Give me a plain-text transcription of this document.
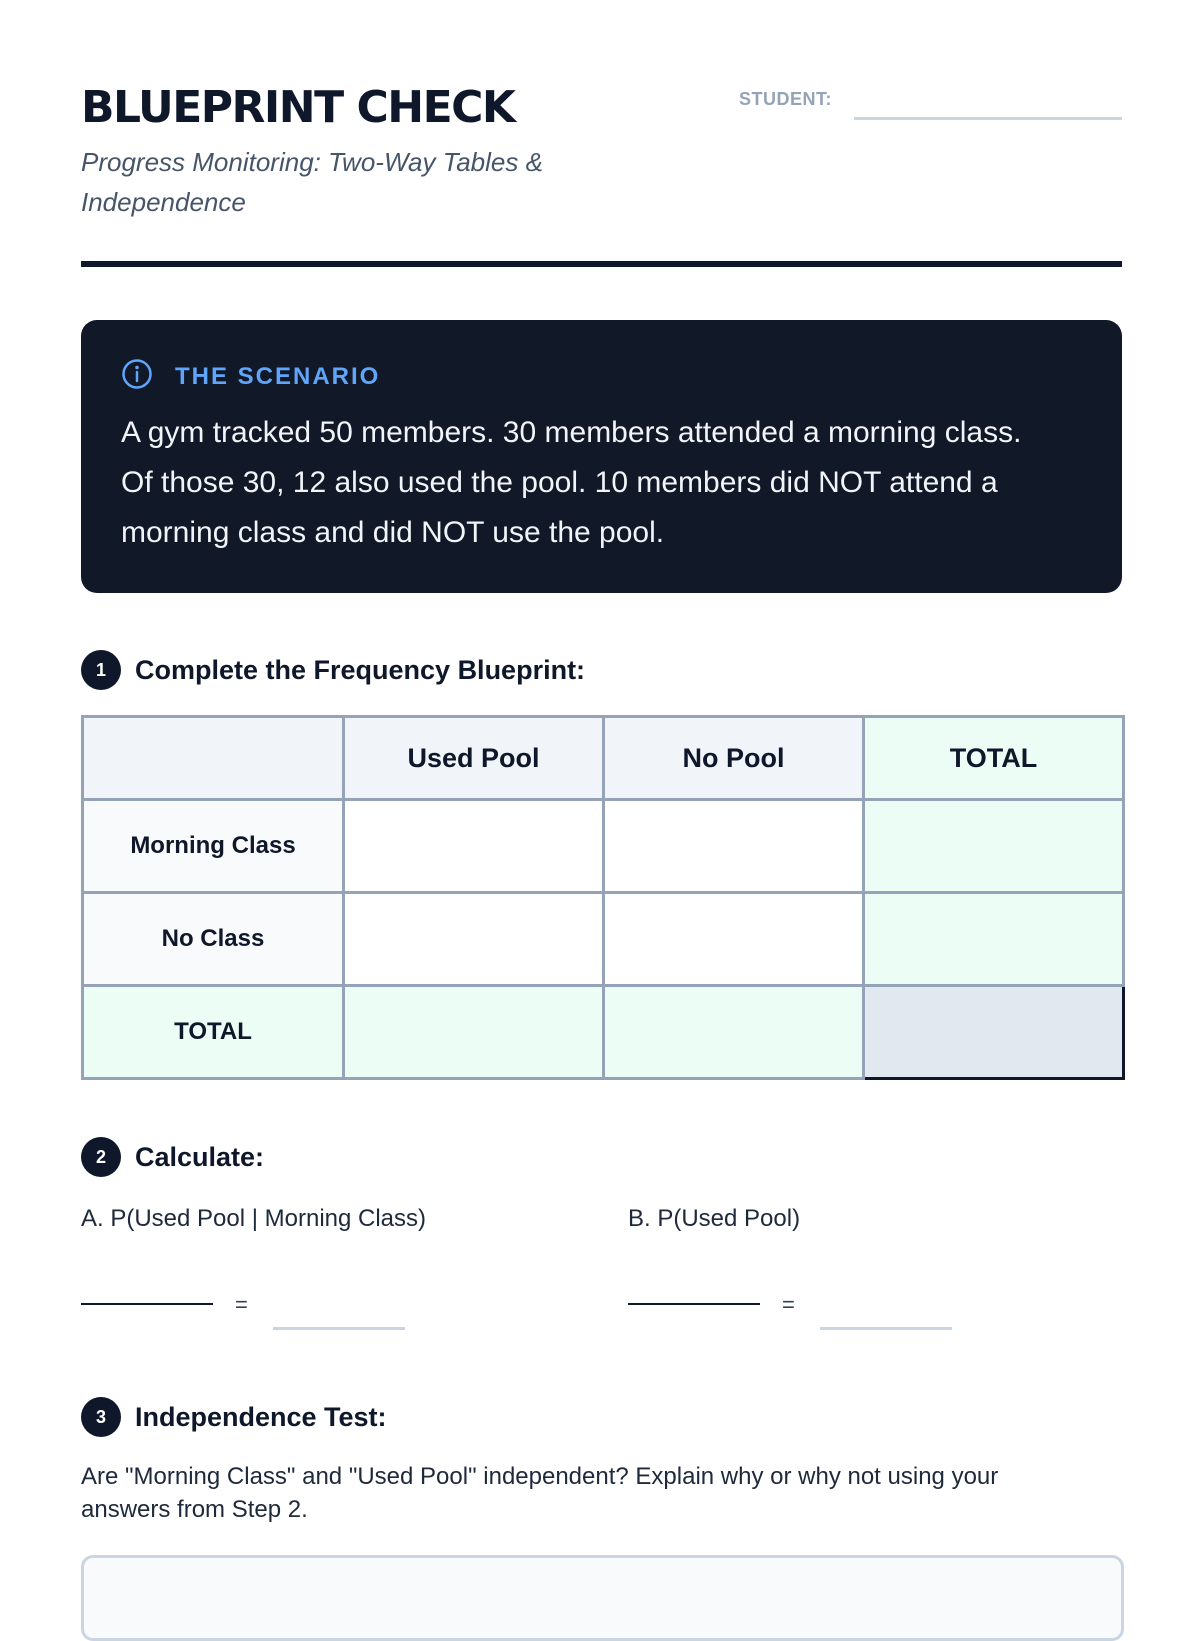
BLUEPRINT CHECK
Progress Monitoring: Two-Way Tables & Independence
STUDENT:
THE SCENARIO
A gym tracked 50 members. 30 members attended a morning class. Of those 30, 12 also used the pool. 10 members did NOT attend a morning class and did NOT use the pool.
1	Complete the Frequency Blueprint:
	Used Pool	No Pool	TOTAL
Morning Class			
No Class			
TOTAL			
2	Calculate:
A. P(Used Pool | Morning Class)
=
B. P(Used Pool)
=
3	Independence Test:
Are "Morning Class" and "Used Pool" independent? Explain why or why not using your answers from Step 2.
